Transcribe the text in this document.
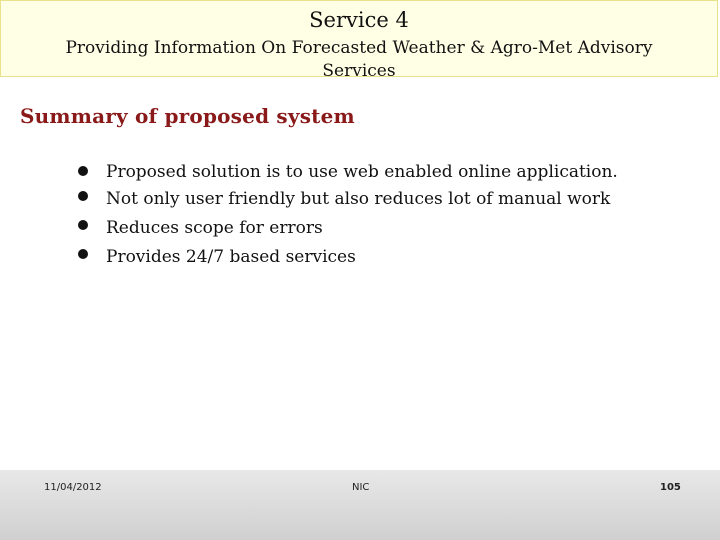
Service 4
Providing Information On Forecasted Weather & Agro-Met Advisory Services
Summary of proposed system
Proposed solution is to use web enabled online application.
Not only user friendly but also reduces lot of manual work
Reduces scope for errors
Provides 24/7 based services
11/04/2012	NIC	105
